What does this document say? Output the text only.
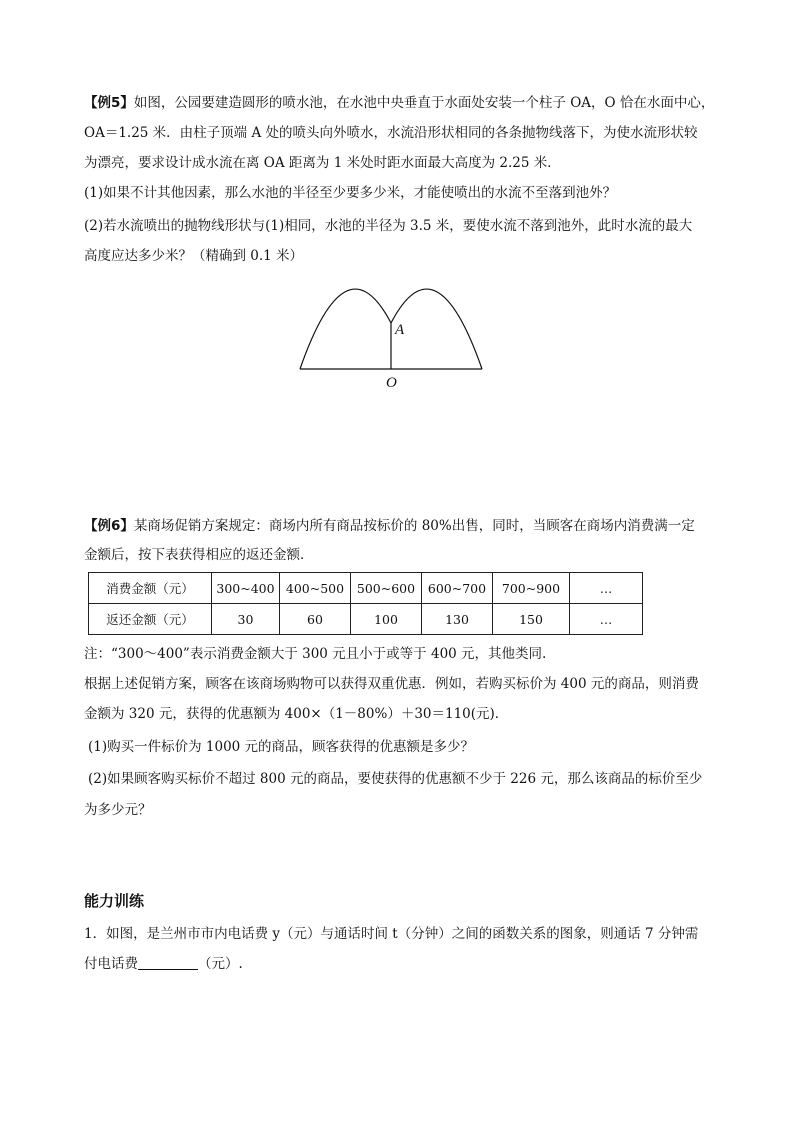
【例5】如图，公园要建造圆形的喷水池，在水池中央垂直于水面处安装一个柱子 OA，O 恰在水面中心，
OA＝1.25 米．由柱子顶端 A 处的喷头向外喷水，水流沿形状相同的各条抛物线落下，为使水流形状较
为漂亮，要求设计成水流在离 OA 距离为 1 米处时距水面最大高度为 2.25 米．
(1)如果不计其他因素，那么水池的半径至少要多少米，才能使喷出的水流不至落到池外？
(2)若水流喷出的抛物线形状与(1)相同，水池的半径为 3.5 米，要使水流不落到池外，此时水流的最大
高度应达多少米？（精确到 0.1 米）
A
O
【例6】某商场促销方案规定：商场内所有商品按标价的 80%出售，同时，当顾客在商场内消费满一定
金额后，按下表获得相应的返还金额．
消费金额（元）	300~400	400~500	500~600	600~700	700~900	…
返还金额（元）	30	60	100	130	150	…
注：“300～400”表示消费金额大于 300 元且小于或等于 400 元，其他类同.
根据上述促销方案，顾客在该商场购物可以获得双重优惠．例如，若购买标价为 400 元的商品，则消费
金额为 320 元，获得的优惠额为 400×（1－80%）＋30＝110(元)．
(1)购买一件标价为 1000 元的商品，顾客获得的优惠额是多少？
(2)如果顾客购买标价不超过 800 元的商品，要使获得的优惠额不少于 226 元，那么该商品的标价至少
为多少元？
能力训练
1．如图，是兰州市市内电话费 y（元）与通话时间 t（分钟）之间的函数关系的图象，则通话 7 分钟需
付电话费	（元）.
